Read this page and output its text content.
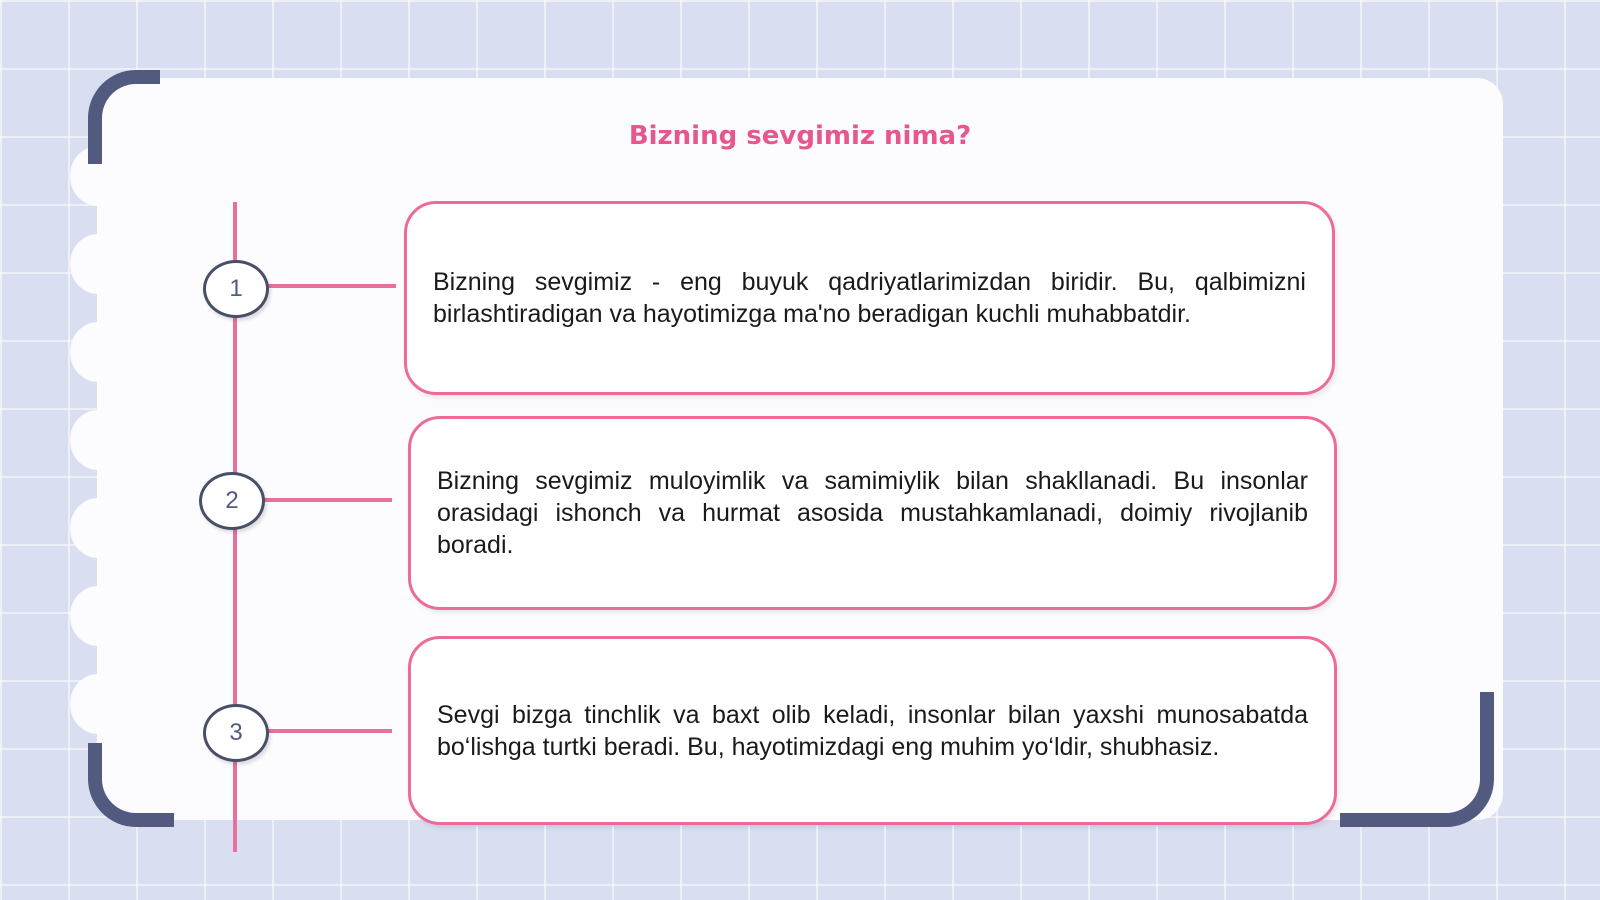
Bizning sevgimiz nima?
1	Bizning sevgimiz - eng buyuk qadriyatlarimizdan biridir. Bu, qalbimizni birlashtiradigan va hayotimizga ma'no beradigan kuchli muhabbatdir.
2
Bizning sevgimiz muloyimlik va samimiylik bilan shakllanadi. Bu insonlar orasidagi ishonch va hurmat asosida mustahkamlanadi, doimiy rivojlanib boradi.
3
Sevgi bizga tinchlik va baxt olib keladi, insonlar bilan yaxshi munosabatda bo‘lishga turtki beradi. Bu, hayotimizdagi eng muhim yo‘ldir, shubhasiz.
